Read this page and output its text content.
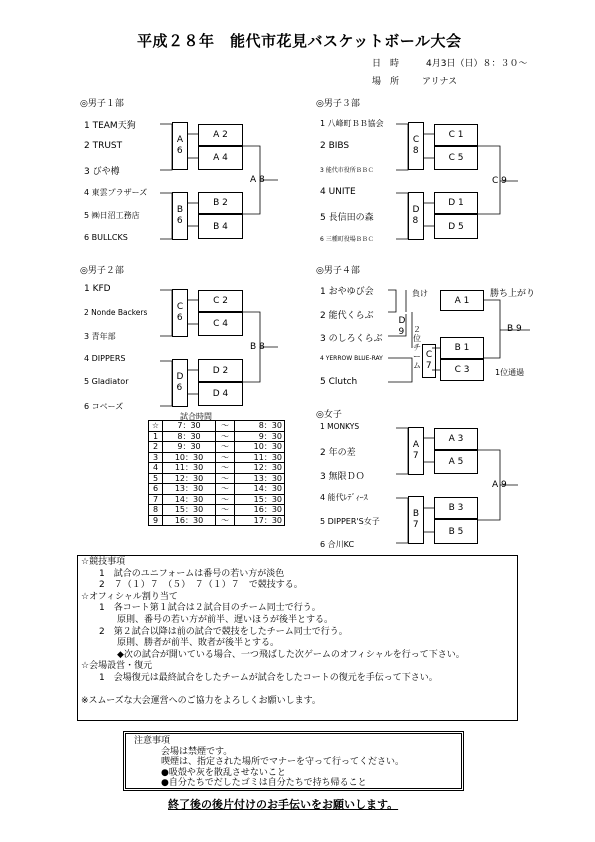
平成２８年　能代市花見バスケットボール大会
日　時	4月3日（日）８：３０～
場　所	アリナス
◎男子１部
1 TEAM天狗
2 TRUST
3 びや樽
4 東雲プラザーズ
5 ㈱日沼工務店
6 BULLCKS
A
6
B
6
A 2
A 4
B 2
B 4
A 8
◎男子３部
1 八峰町ＢＢ協会
2 BIBS
3 能代市役所ＢＢＣ
4 UNITE
5 長信田の森
6 三種町役場ＢＢＣ
C
8
D
8
C 1
C 5
D 1
D 5
C 9
◎男子２部
1 KFD
2 Nonde Backers
3 青年部
4 DIPPERS
5 Gladiator
6 コベーズ
C
6
D
6
C 2
C 4
D 2
D 4
B 8
◎男子４部
1 おやゆび会
2 能代くらぶ
3 のしろくらぶ
4 YERROW BLUE-RAY
5 Clutch
負け
D
9	２
位
チ
ー
ム
C
7
A 1
B 1
C 3
勝ち上がり
B 9
1位通過
◎女子
1 MONKYS
2 年の差
3 無限ＤＯ
4 能代ﾚﾃﾞｨｰｽ
5 DIPPER'S女子
6 合川KC
A
7
B
7
A 3
A 5
B 3
B 5
A 9
試合時間
☆	7：30	～	8：30
1	8：30	～	9：30
2	9：30	～	10：30
3	10：30	～	11：30
4	11：30	～	12：30
5	12：30	～	13：30
6	13：30	～	14：30
7	14：30	～	15：30
8	15：30	～	16：30
9	16：30	～	17：30
☆競技事項
　　1　試合のユニフォームは番号の若い方が淡色
　　2　７（１）７　（５）　７（１）７　で競技する。
☆オフィシャル割り当て
　　1　各コート第１試合は２試合目のチーム同士で行う。
　　　　原則、番号の若い方が前半、遅いほうが後半とする。
　　2　第２試合以降は前の試合で競技をしたチーム同士で行う。
　　　　原則、勝者が前半、敗者が後半とする。
　　　　◆次の試合が開いている場合、一つ飛ばした次ゲームのオフィシャルを行って下さい。
☆会場設営・復元
　　1　会場復元は最終試合をしたチームが試合をしたコートの復元を手伝って下さい。

※スムーズな大会運営へのご協力をよろしくお願いします。
注意事項
　　　会場は禁煙です。
　　　喫煙は、指定された場所でマナーを守って行ってください。
　　　●吸殻や灰を散乱させないこと
　　　●自分たちでだしたゴミは自分たちで持ち帰ること
終了後の後片付けのお手伝いをお願いします。
